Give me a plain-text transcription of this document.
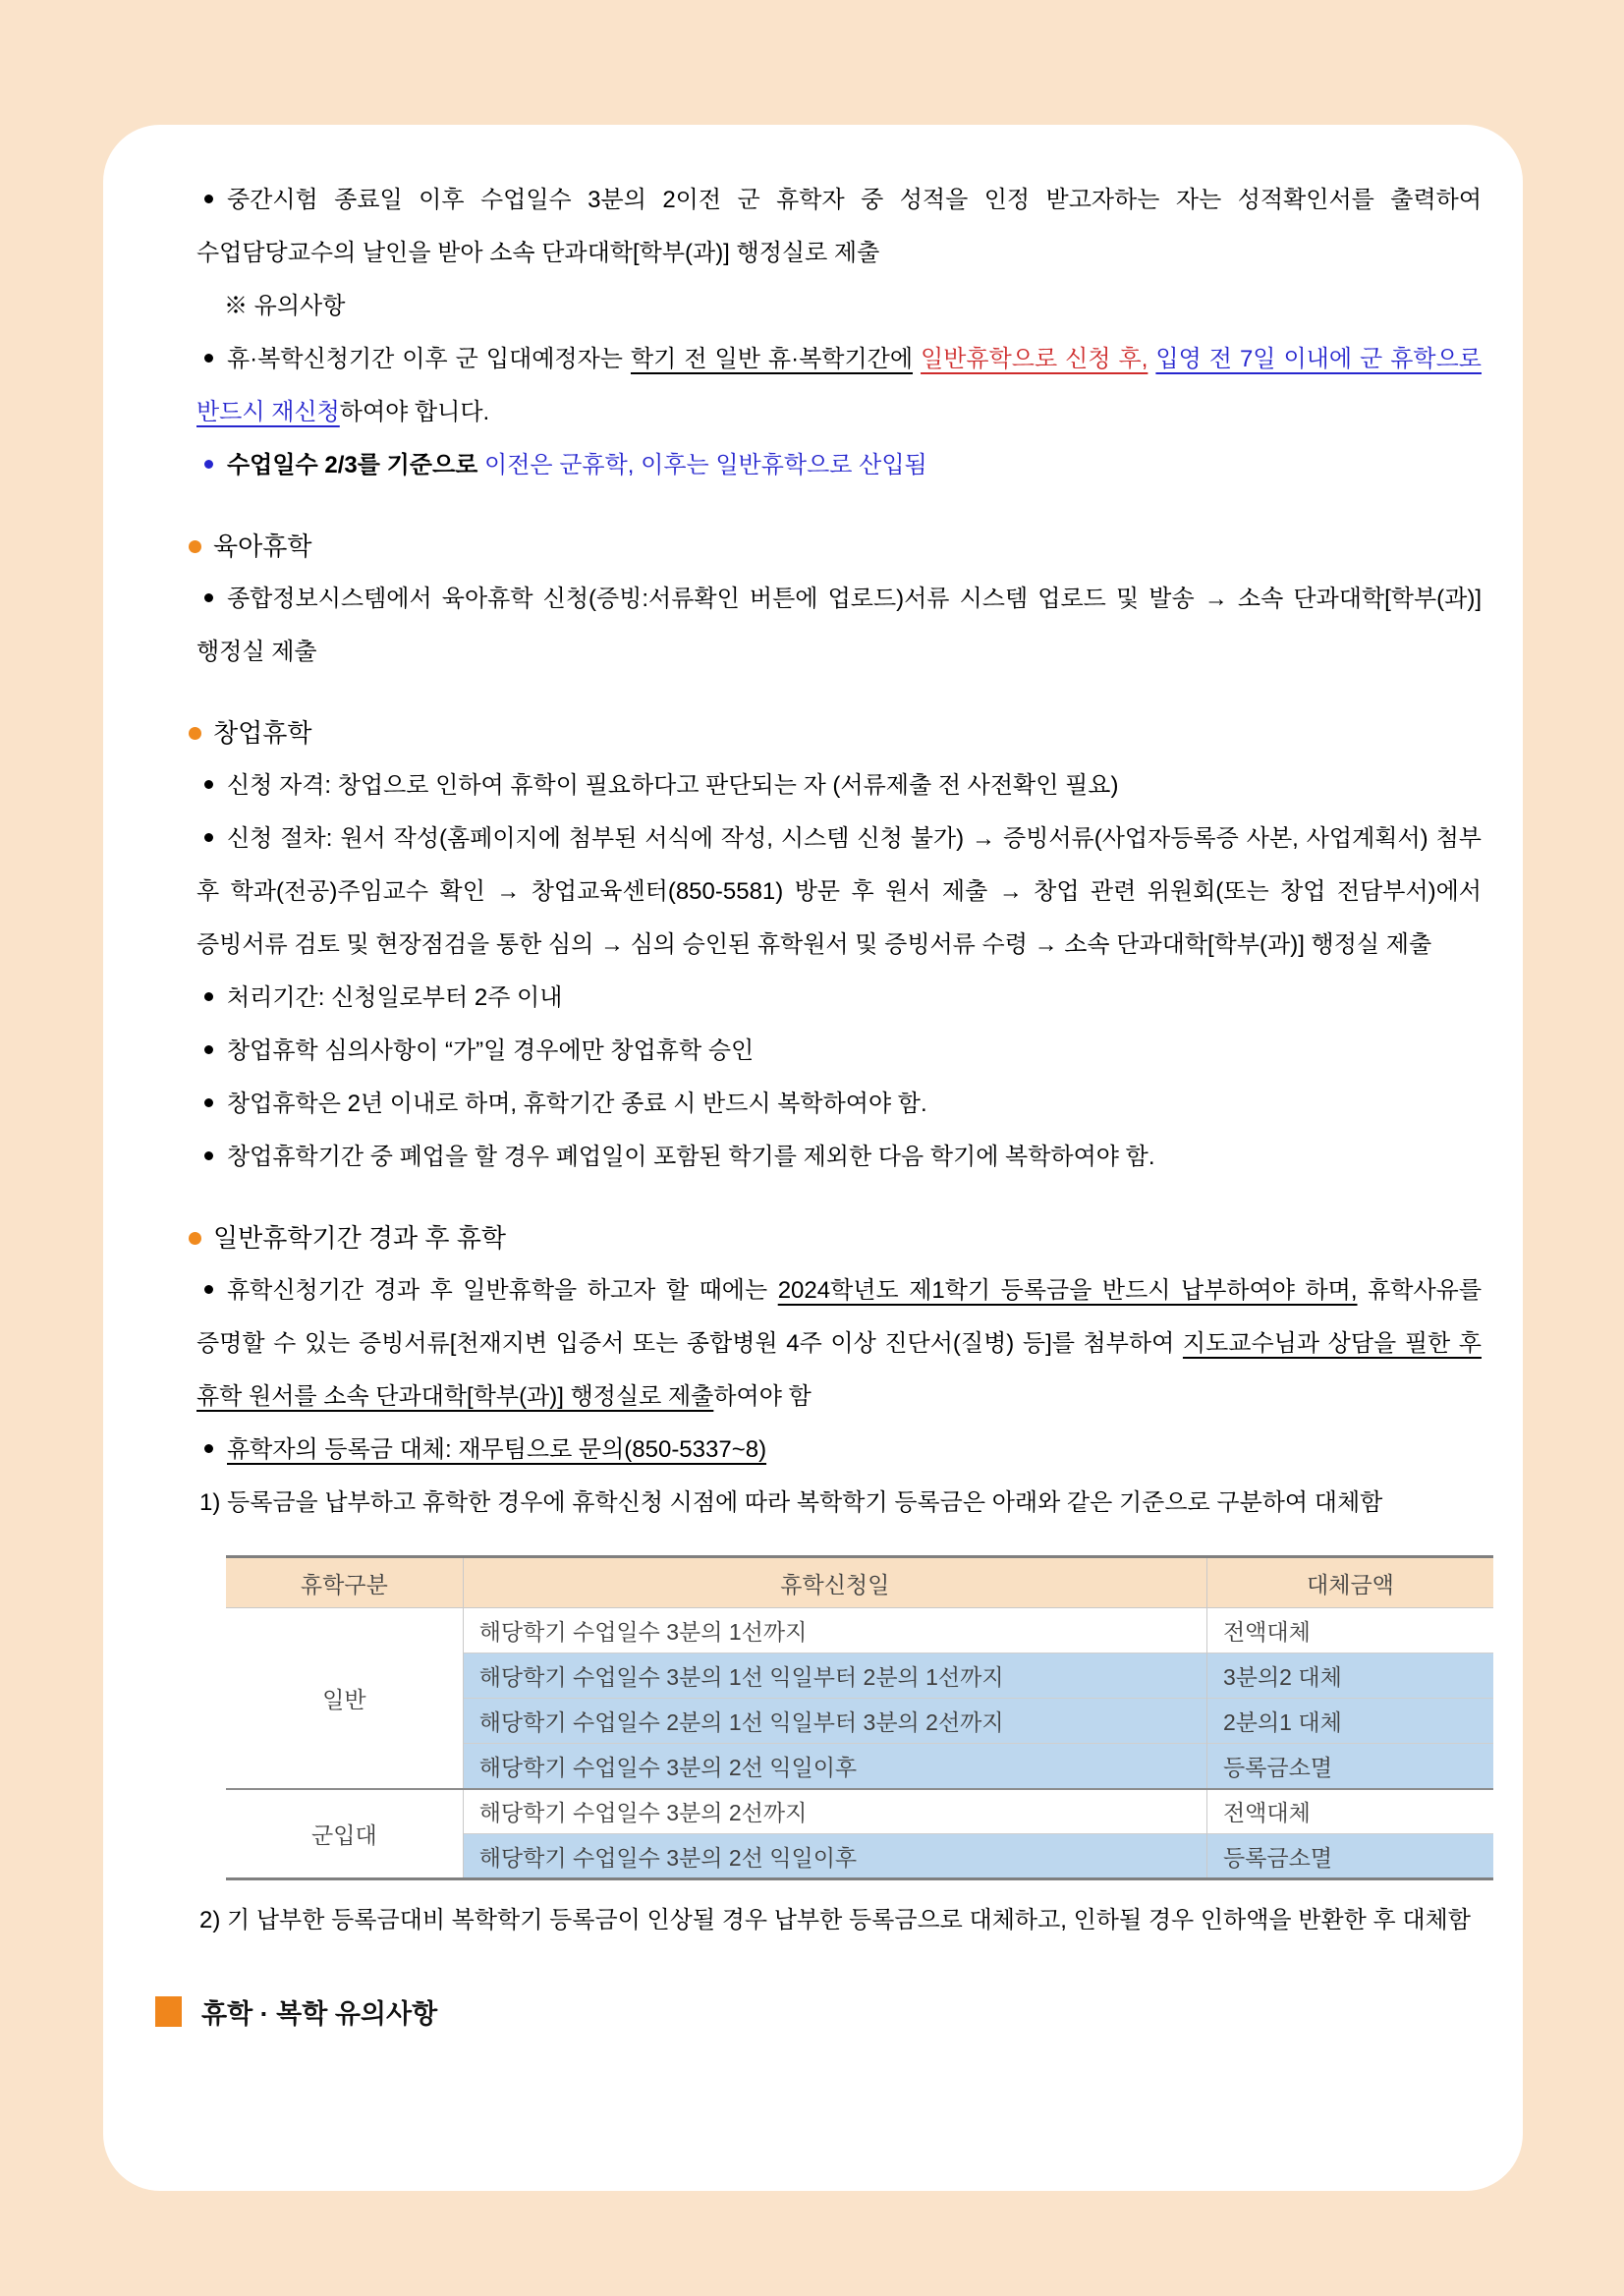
중간시험 종료일 이후 수업일수 3분의 2이전 군 휴학자 중 성적을 인정 받고자하는 자는 성적확인서를 출력하여 수업담당교수의 날인을 받아 소속 단과대학[학부(과)] 행정실로 제출

※ 유의사항

휴·복학신청기간 이후 군 입대예정자는 학기 전 일반 휴·복학기간에 일반휴학으로 신청 후, 입영 전 7일 이내에 군 휴학으로 반드시 재신청하여야 합니다.

수업일수 2/3를 기준으로 이전은 군휴학, 이후는 일반휴학으로 산입됨

육아휴학

종합정보시스템에서 육아휴학 신청(증빙:서류확인 버튼에 업로드)서류 시스템 업로드 및 발송 → 소속 단과대학[학부(과)] 행정실 제출

창업휴학

신청 자격: 창업으로 인하여 휴학이 필요하다고 판단되는 자 (서류제출 전 사전확인 필요)

신청 절차: 원서 작성(홈페이지에 첨부된 서식에 작성, 시스템 신청 불가) → 증빙서류(사업자등록증 사본, 사업계획서) 첨부 후 학과(전공)주임교수 확인 → 창업교육센터(850-5581) 방문 후 원서 제출 → 창업 관련 위원회(또는 창업 전담부서)에서 증빙서류 검토 및 현장점검을 통한 심의 → 심의 승인된 휴학원서 및 증빙서류 수령 → 소속 단과대학[학부(과)] 행정실 제출

처리기간: 신청일로부터 2주 이내

창업휴학 심의사항이 “가”일 경우에만 창업휴학 승인

창업휴학은 2년 이내로 하며, 휴학기간 종료 시 반드시 복학하여야 함.

창업휴학기간 중 폐업을 할 경우 폐업일이 포함된 학기를 제외한 다음 학기에 복학하여야 함.

일반휴학기간 경과 후 휴학

휴학신청기간 경과 후 일반휴학을 하고자 할 때에는 2024학년도 제1학기 등록금을 반드시 납부하여야 하며, 휴학사유를 증명할 수 있는 증빙서류[천재지변 입증서 또는 종합병원 4주 이상 진단서(질병) 등]를 첨부하여 지도교수님과 상담을 필한 후 휴학 원서를 소속 단과대학[학부(과)] 행정실로 제출하여야 함

휴학자의 등록금 대체: 재무팀으로 문의(850-5337~8)

1) 등록금을 납부하고 휴학한 경우에 휴학신청 시점에 따라 복학학기 등록금은 아래와 같은 기준으로 구분하여 대체함

휴학구분	휴학신청일	대체금액
일반	해당학기 수업일수 3분의 1선까지	전액대체
	해당학기 수업일수 3분의 1선 익일부터 2분의 1선까지	3분의2 대체
	해당학기 수업일수 2분의 1선 익일부터 3분의 2선까지	2분의1 대체
	해당학기 수업일수 3분의 2선 익일이후	등록금소멸
군입대	해당학기 수업일수 3분의 2선까지	전액대체
	해당학기 수업일수 3분의 2선 익일이후	등록금소멸

2) 기 납부한 등록금대비 복학학기 등록금이 인상될 경우 납부한 등록금으로 대체하고, 인하될 경우 인하액을 반환한 후 대체함

휴학 · 복학 유의사항
